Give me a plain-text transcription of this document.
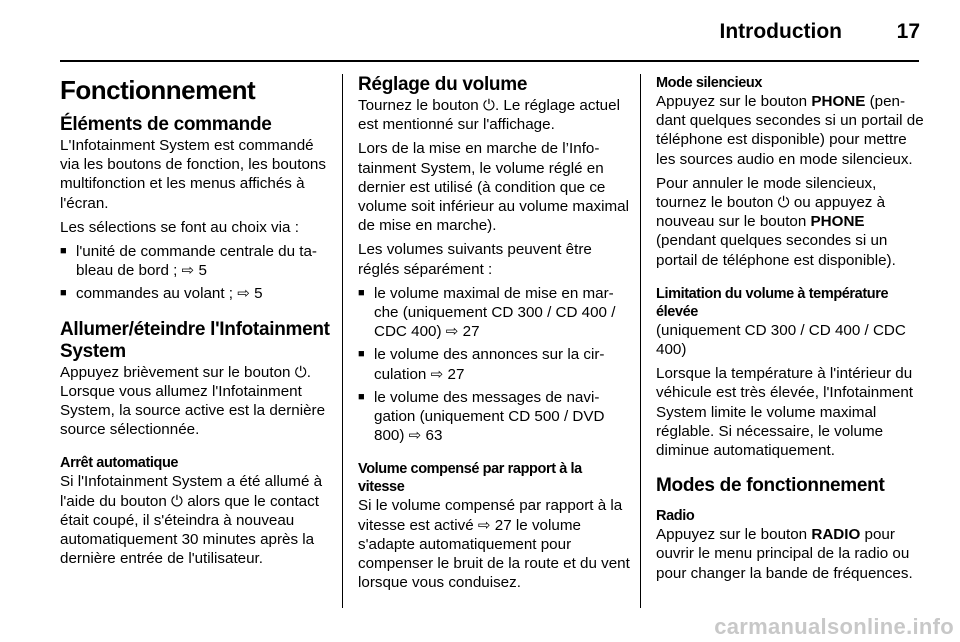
Introduction	17
Fonctionnement
Éléments de commande

L'Infotainment System est commandé via les boutons de fonction, les boutons multifonction et les menus affichés à l'écran.

Les sélections se font au choix via :

■ l'unité de commande centrale du tableau de bord ; ⇨ 5
■ commandes au volant ; ⇨ 5
Allumer/éteindre l'Infotainment System

Appuyez brièvement sur le bouton ⏻. Lorsque vous allumez l'Infotainment System, la source active est la dernière source sélectionnée.

Arrêt automatique

Si l'Infotainment System a été allumé à l'aide du bouton ⏻ alors que le contact était coupé, il s'éteindra à nouveau automatiquement 30 minutes après la dernière entrée de l'utilisateur.

Réglage du volume

Tournez le bouton ⏻. Le réglage actuel est mentionné sur l'affichage.

Lors de la mise en marche de l’Infotainment System, le volume réglé en dernier est utilisé (à condition que ce volume soit inférieur au volume maximal de mise en marche).

Les volumes suivants peuvent être réglés séparément :

■ le volume maximal de mise en marche (uniquement CD 300 / CD 400 / CDC 400) ⇨ 27
■ le volume des annonces sur la circulation ⇨ 27
■ le volume des messages de navigation (uniquement CD 500 / DVD 800) ⇨ 63
Volume compensé par rapport à la vitesse

Si le volume compensé par rapport à la vitesse est activé ⇨ 27 le volume s'adapte automatiquement pour compenser le bruit de la route et du vent lorsque vous conduisez.

Mode silencieux

Appuyez sur le bouton PHONE (pendant quelques secondes si un portail de téléphone est disponible) pour mettre les sources audio en mode silencieux.

Pour annuler le mode silencieux, tournez le bouton ⏻ ou appuyez à nouveau sur le bouton PHONE (pendant quelques secondes si un portail de téléphone est disponible).

Limitation du volume à température élevée

(uniquement CD 300 / CD 400 / CDC 400)

Lorsque la température à l'intérieur du véhicule est très élevée, l'Infotainment System limite le volume maximal réglable. Si nécessaire, le volume diminue automatiquement.

Modes de fonctionnement
Radio

Appuyez sur le bouton RADIO pour ouvrir le menu principal de la radio ou pour changer la bande de fréquences.

carmanualsonline.info
